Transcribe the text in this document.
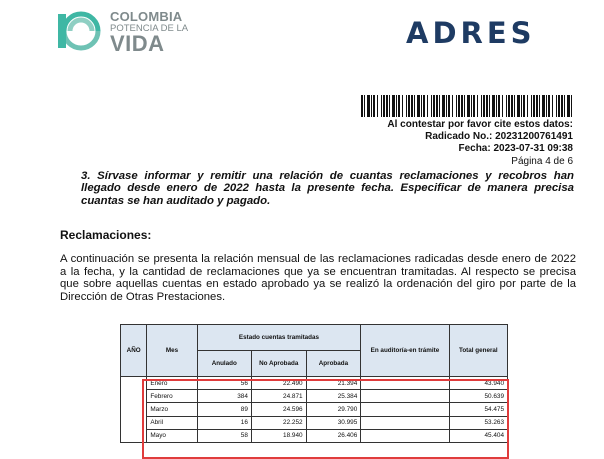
COLOMBIA
POTENCIA DE LA
VIDA	ADRES
Al contestar por favor cite estos datos:
Radicado No.: 20231200761491
Fecha: 2023-07-31 09:38
Página 4 de 6
3. Sírvase informar y remitir una relación de cuantas reclamaciones y recobros han llegado desde enero de 2022 hasta la presente fecha. Especificar de manera precisa cuantas se han auditado y pagado.
Reclamaciones:
A continuación se presenta la relación mensual de las reclamaciones radicadas desde enero de 2022 a la fecha, y la cantidad de reclamaciones que ya se encuentran tramitadas. Al respecto se precisa que sobre aquellas cuentas en estado aprobado ya se realizó la ordenación del giro por parte de la Dirección de Otras Prestaciones.
AÑO	Mes	Estado cuentas tramitadas			En auditoría-en trámite	Total general
		Anulado	No Aprobada	Aprobada		
	Enero	56	22.490	21.394		43.940
	Febrero	384	24.871	25.384		50.639
	Marzo	89	24.596	29.790		54.475
	Abril	16	22.252	30.995		53.263
	Mayo	58	18.940	26.406		45.404
